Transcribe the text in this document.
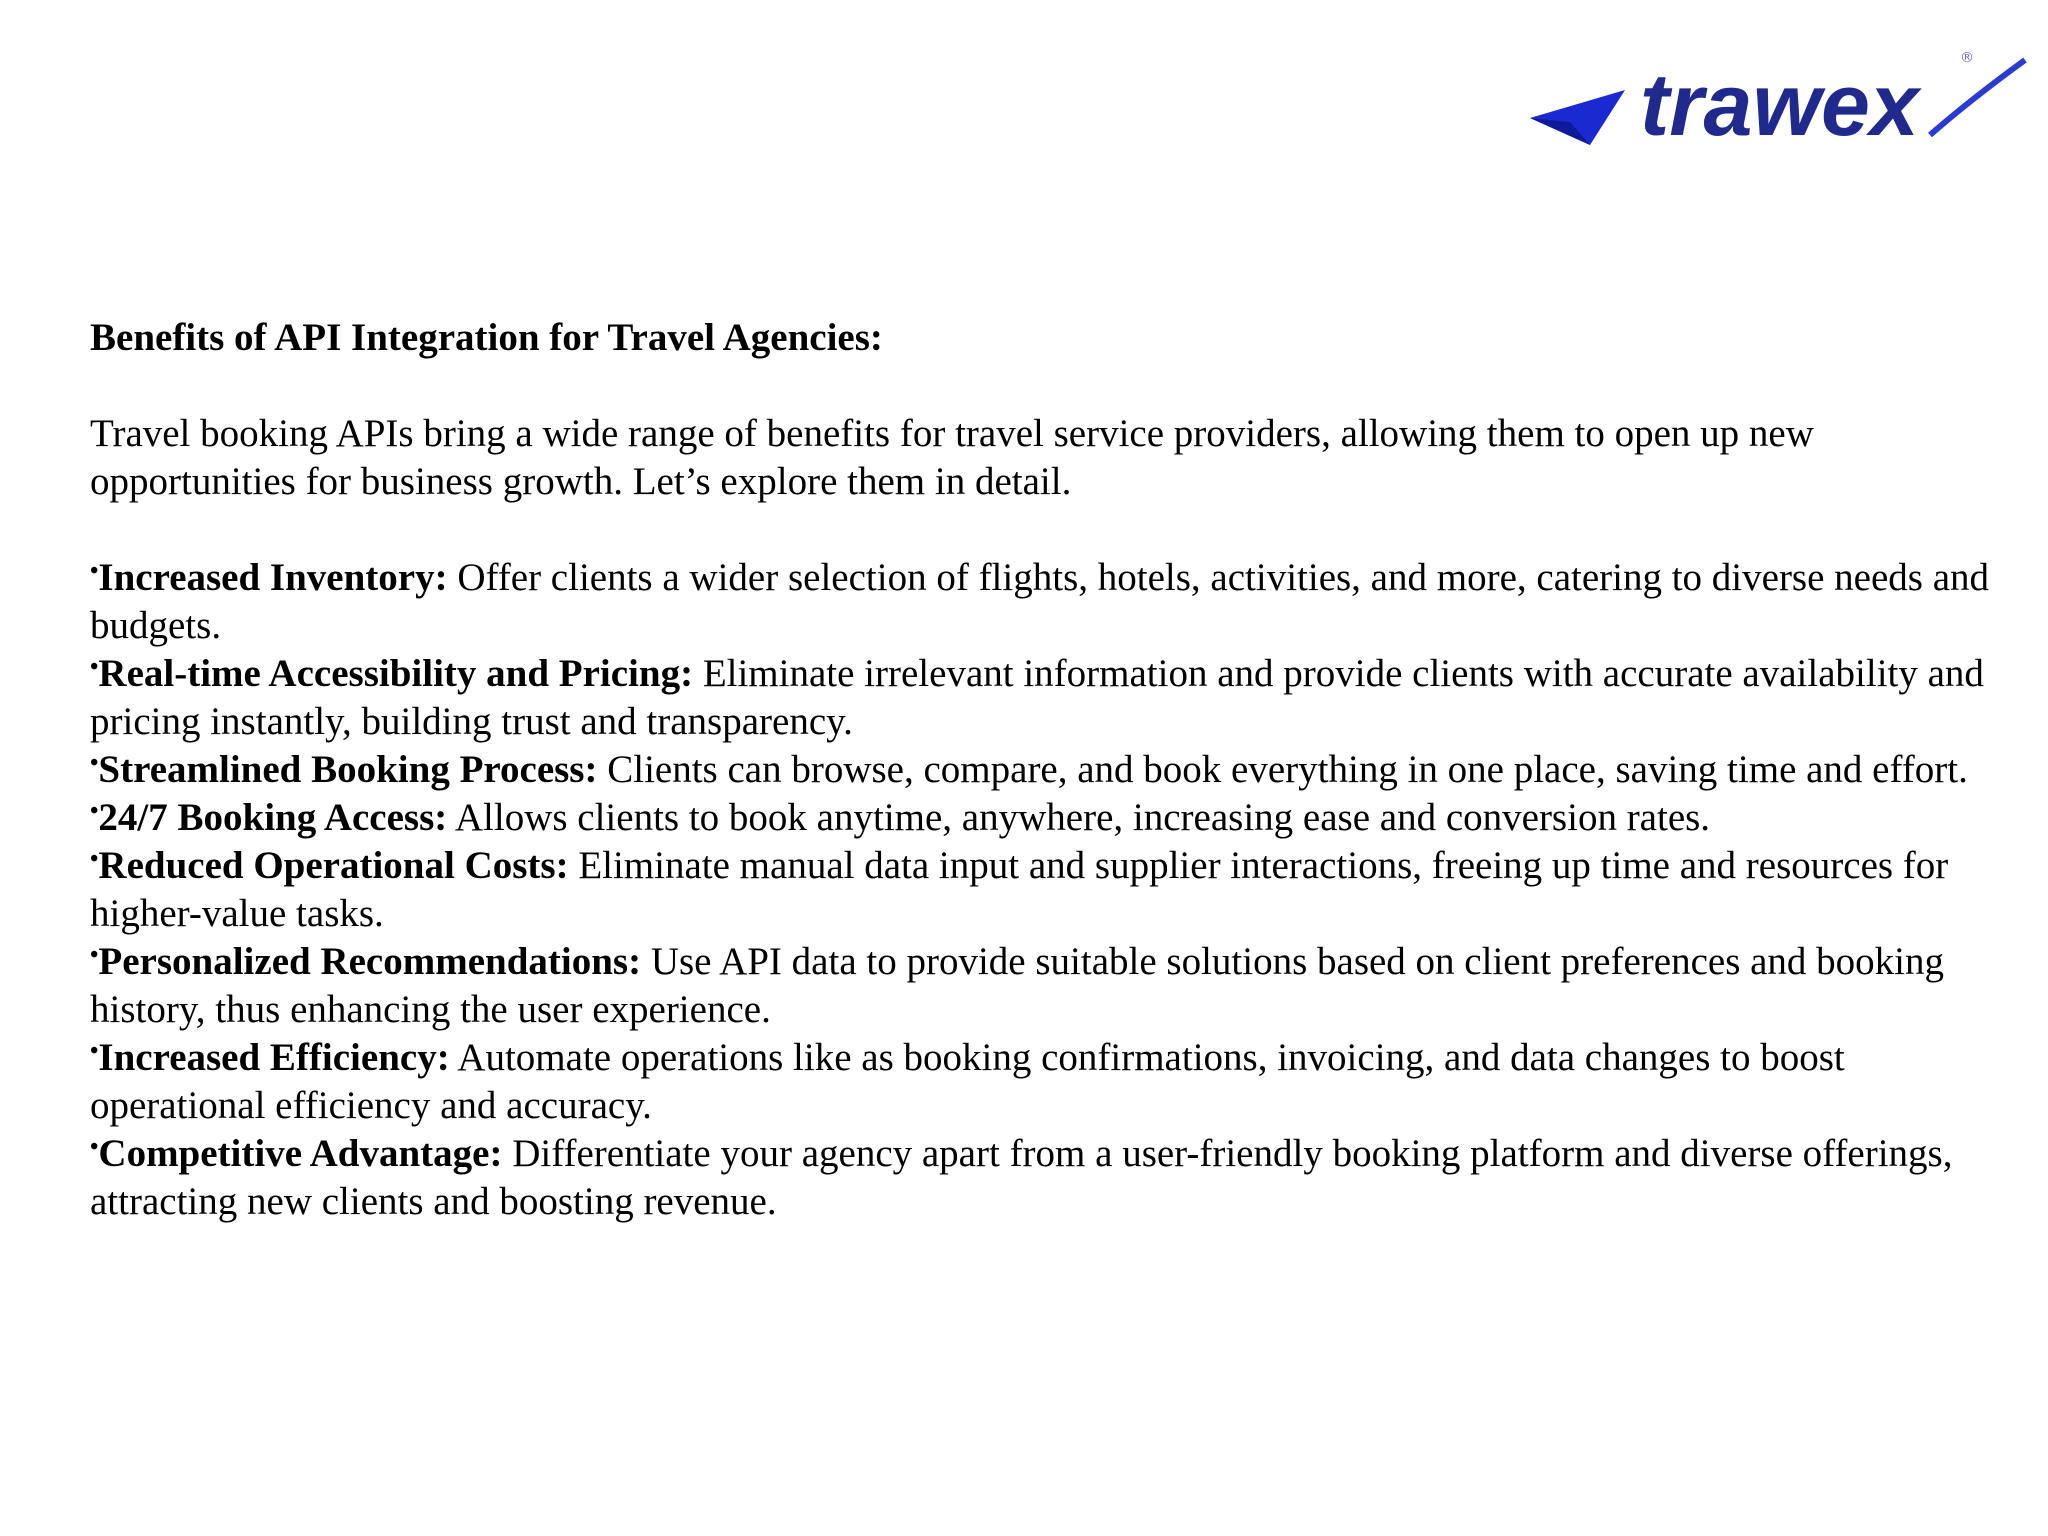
trawex	®

Benefits of API Integration for Travel Agencies:

Travel booking APIs bring a wide range of benefits for travel service providers, allowing them to open up new opportunities for business growth. Let’s explore them in detail.

•Increased Inventory: Offer clients a wider selection of flights, hotels, activities, and more, catering to diverse needs and budgets.
•Real-time Accessibility and Pricing: Eliminate irrelevant information and provide clients with accurate availability and pricing instantly, building trust and transparency.
•Streamlined Booking Process: Clients can browse, compare, and book everything in one place, saving time and effort.
•24/7 Booking Access: Allows clients to book anytime, anywhere, increasing ease and conversion rates.
•Reduced Operational Costs: Eliminate manual data input and supplier interactions, freeing up time and resources for higher-value tasks.
•Personalized Recommendations: Use API data to provide suitable solutions based on client preferences and booking history, thus enhancing the user experience.
•Increased Efficiency: Automate operations like as booking confirmations, invoicing, and data changes to boost operational efficiency and accuracy.
•Competitive Advantage: Differentiate your agency apart from a user-friendly booking platform and diverse offerings, attracting new clients and boosting revenue.
